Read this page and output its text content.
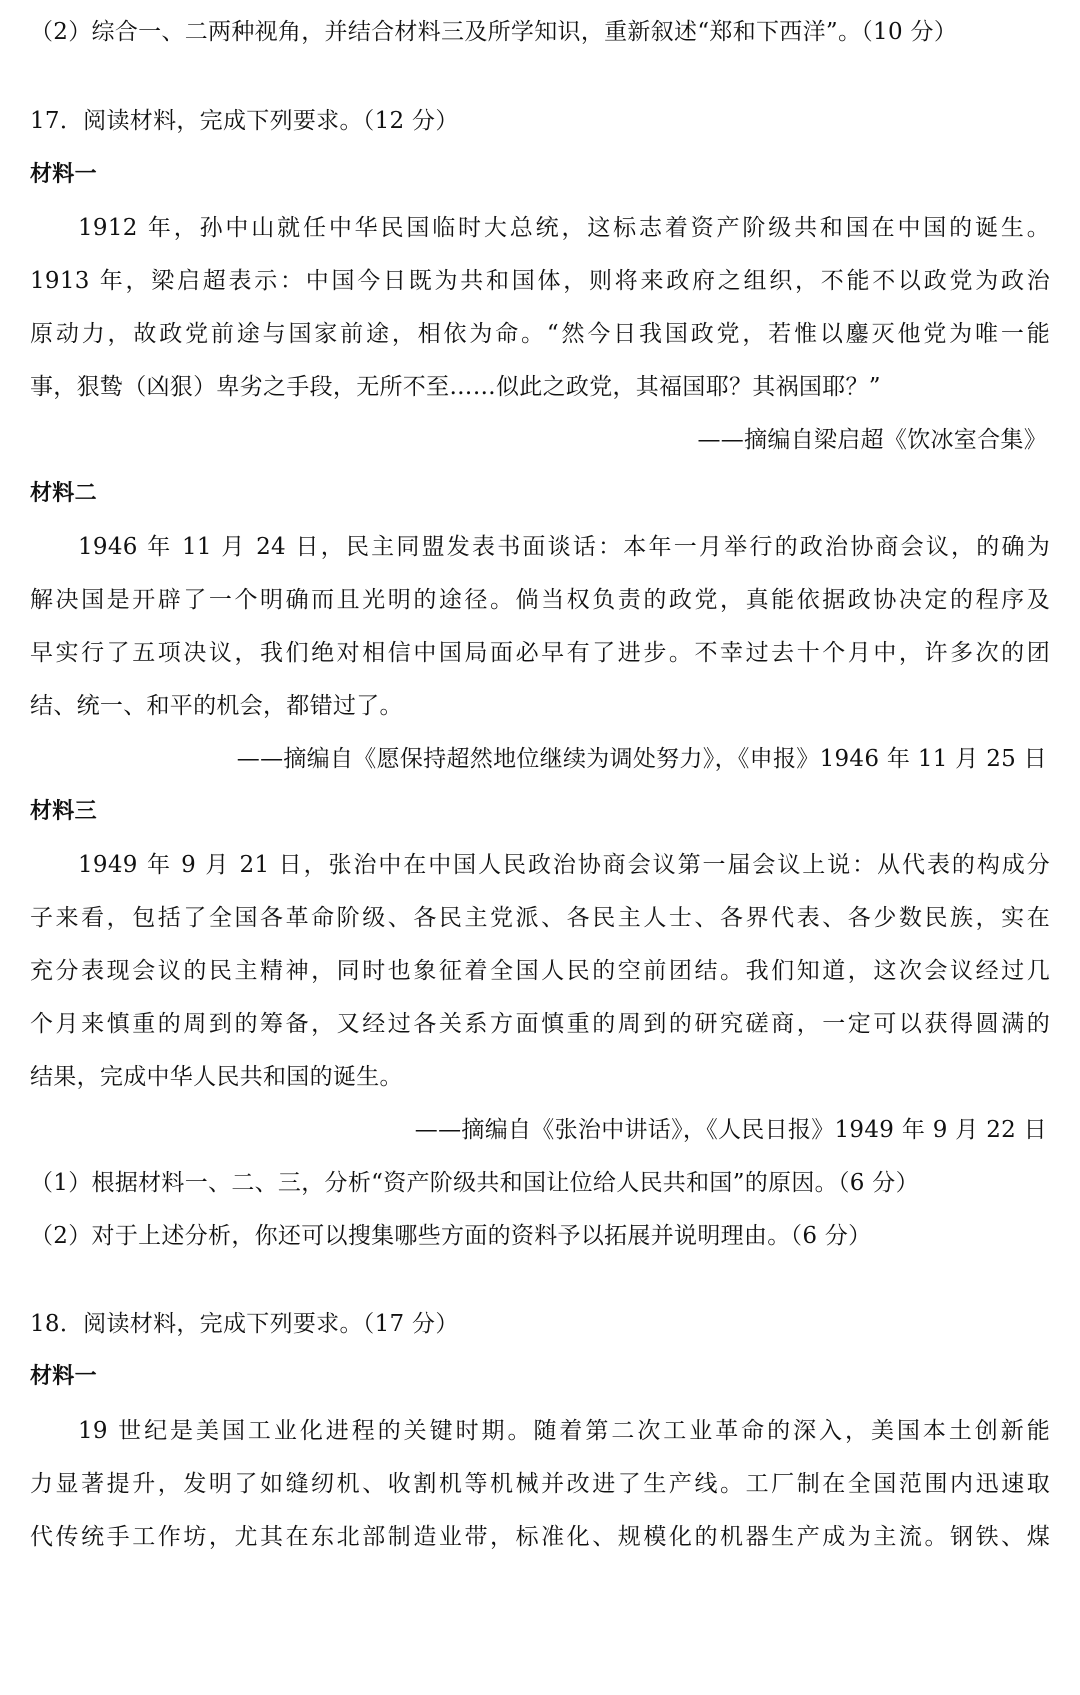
（2）综合一、二两种视角，并结合材料三及所学知识，重新叙述“郑和下西洋”。（10 分）
17．阅读材料，完成下列要求。（12 分）
材料一
1912 年，孙中山就任中华民国临时大总统，这标志着资产阶级共和国在中国的诞生。
1913 年，梁启超表示：中国今日既为共和国体，则将来政府之组织，不能不以政党为政治
原动力，故政党前途与国家前途，相依为命。“然今日我国政党，若惟以鏖灭他党为唯一能
事，狠鸷（凶狠）卑劣之手段，无所不至……似此之政党，其福国耶？其祸国耶？”
——摘编自梁启超《饮冰室合集》
材料二
1946 年 11 月 24 日，民主同盟发表书面谈话：本年一月举行的政治协商会议，的确为
解决国是开辟了一个明确而且光明的途径。倘当权负责的政党，真能依据政协决定的程序及
早实行了五项决议，我们绝对相信中国局面必早有了进步。不幸过去十个月中，许多次的团
结、统一、和平的机会，都错过了。
——摘编自《愿保持超然地位继续为调处努力》，《申报》1946 年 11 月 25 日
材料三
1949 年 9 月 21 日，张治中在中国人民政治协商会议第一届会议上说：从代表的构成分
子来看，包括了全国各革命阶级、各民主党派、各民主人士、各界代表、各少数民族，实在
充分表现会议的民主精神，同时也象征着全国人民的空前团结。我们知道，这次会议经过几
个月来慎重的周到的筹备，又经过各关系方面慎重的周到的研究磋商，一定可以获得圆满的
结果，完成中华人民共和国的诞生。
——摘编自《张治中讲话》，《人民日报》1949 年 9 月 22 日
（1）根据材料一、二、三，分析“资产阶级共和国让位给人民共和国”的原因。（6 分）
（2）对于上述分析，你还可以搜集哪些方面的资料予以拓展并说明理由。（6 分）
18．阅读材料，完成下列要求。（17 分）
材料一
19 世纪是美国工业化进程的关键时期。随着第二次工业革命的深入，美国本土创新能
力显著提升，发明了如缝纫机、收割机等机械并改进了生产线。工厂制在全国范围内迅速取
代传统手工作坊，尤其在东北部制造业带，标准化、规模化的机器生产成为主流。钢铁、煤
